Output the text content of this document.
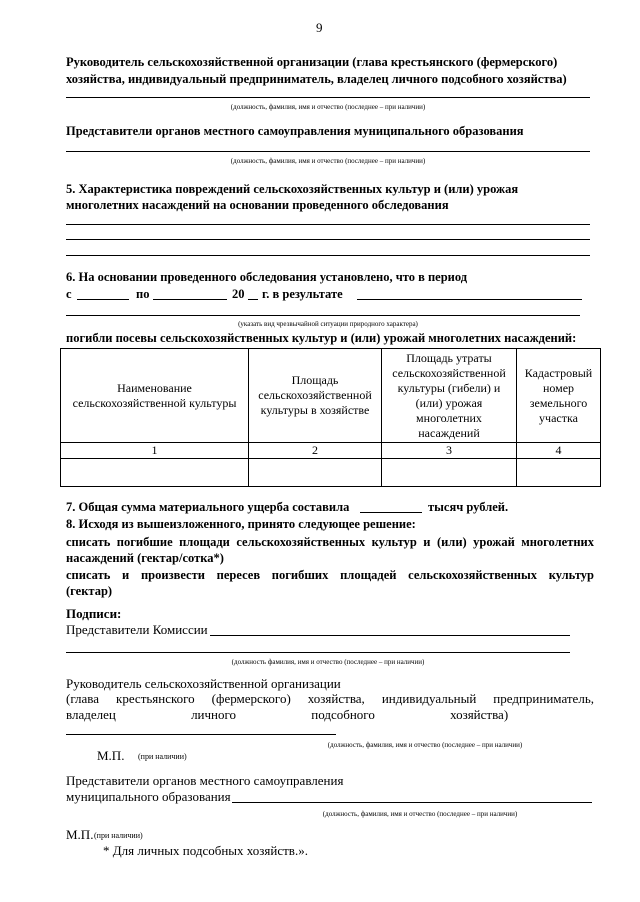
9
Руководитель сельскохозяйственной организации (глава крестьянского (фермерского)
хозяйства, индивидуальный предприниматель, владелец личного подсобного хозяйства)
(должность, фамилия, имя и отчество (последнее – при наличии)
Представители органов местного самоуправления муниципального образования
(должность, фамилия, имя и отчество (последнее – при наличии)
5. Характеристика повреждений сельскохозяйственных культур и (или) урожая
многолетних насаждений на основании проведенного обследования
6. На основании проведенного обследования установлено, что в период
с	по	20 г. в результате
(указать вид чрезвычайной ситуации природного характера)
погибли посевы сельскохозяйственных культур и (или) урожай многолетних насаждений:
Наименование сельскохозяйственной культуры	Площадь сельскохозяйственной культуры в хозяйстве	Площадь утраты сельскохозяйственной культуры (гибели) и (или) урожая многолетних насаждений	Кадастровый номер земельного участка
1	2	3	4

7. Общая сумма материального ущерба составила	тысяч рублей.
8. Исходя из вышеизложенного, принято следующее решение:
списать погибшие площади сельскохозяйственных культур и (или) урожай многолетних
насаждений (гектар/сотка*)
списать и произвести пересев погибших площадей сельскохозяйственных культур
(гектар)
Подписи:
Представители Комиссии
(должность фамилия, имя и отчество (последнее – при наличии)
Руководитель сельскохозяйственной организации
(глава крестьянского (фермерского) хозяйства, индивидуальный предприниматель,
владелец личного подсобного хозяйства)
(должность, фамилия, имя и отчество (последнее – при наличии)
М.П. (при наличии)
Представители органов местного самоуправления
муниципального образования
(должность, фамилия, имя и отчество (последнее – при наличии)
М.П. (при наличии)
* Для личных подсобных хозяйств.».
